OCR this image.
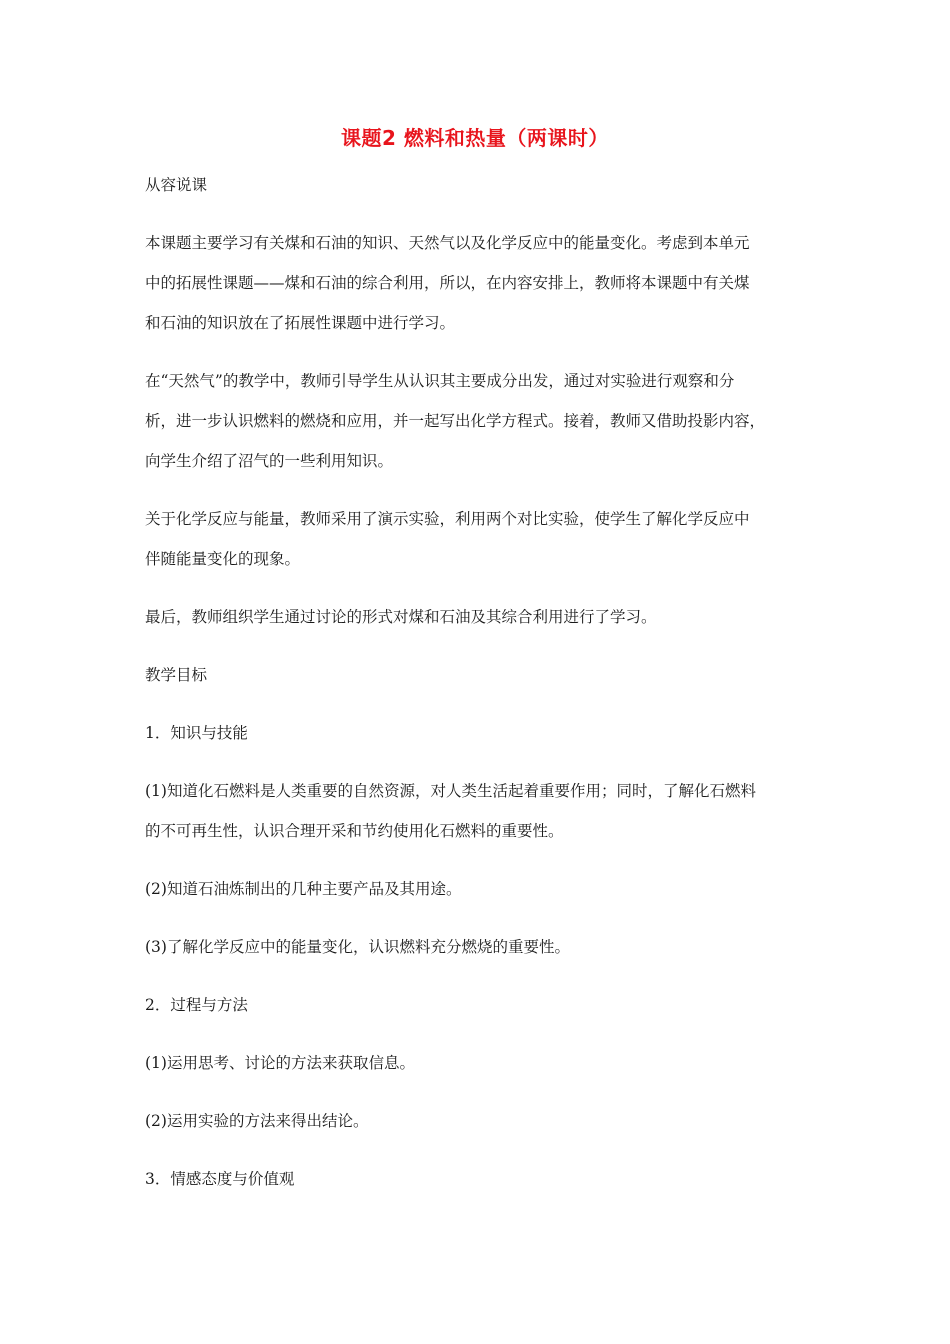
课题2 燃料和热量（两课时）
从容说课
本课题主要学习有关煤和石油的知识、天然气以及化学反应中的能量变化。考虑到本单元
中的拓展性课题——煤和石油的综合利用，所以，在内容安排上，教师将本课题中有关煤
和石油的知识放在了拓展性课题中进行学习。
在“天然气”的教学中，教师引导学生从认识其主要成分出发，通过对实验进行观察和分
析，进一步认识燃料的燃烧和应用，并一起写出化学方程式。接着，教师又借助投影内容，
向学生介绍了沼气的一些利用知识。
关于化学反应与能量，教师采用了演示实验，利用两个对比实验，使学生了解化学反应中
伴随能量变化的现象。
最后，教师组织学生通过讨论的形式对煤和石油及其综合利用进行了学习。
教学目标
1．知识与技能
(1)知道化石燃料是人类重要的自然资源，对人类生活起着重要作用；同时，了解化石燃料
的不可再生性，认识合理开采和节约使用化石燃料的重要性。
(2)知道石油炼制出的几种主要产品及其用途。
(3)了解化学反应中的能量变化，认识燃料充分燃烧的重要性。
2．过程与方法
(1)运用思考、讨论的方法来获取信息。
(2)运用实验的方法来得出结论。
3．情感态度与价值观
